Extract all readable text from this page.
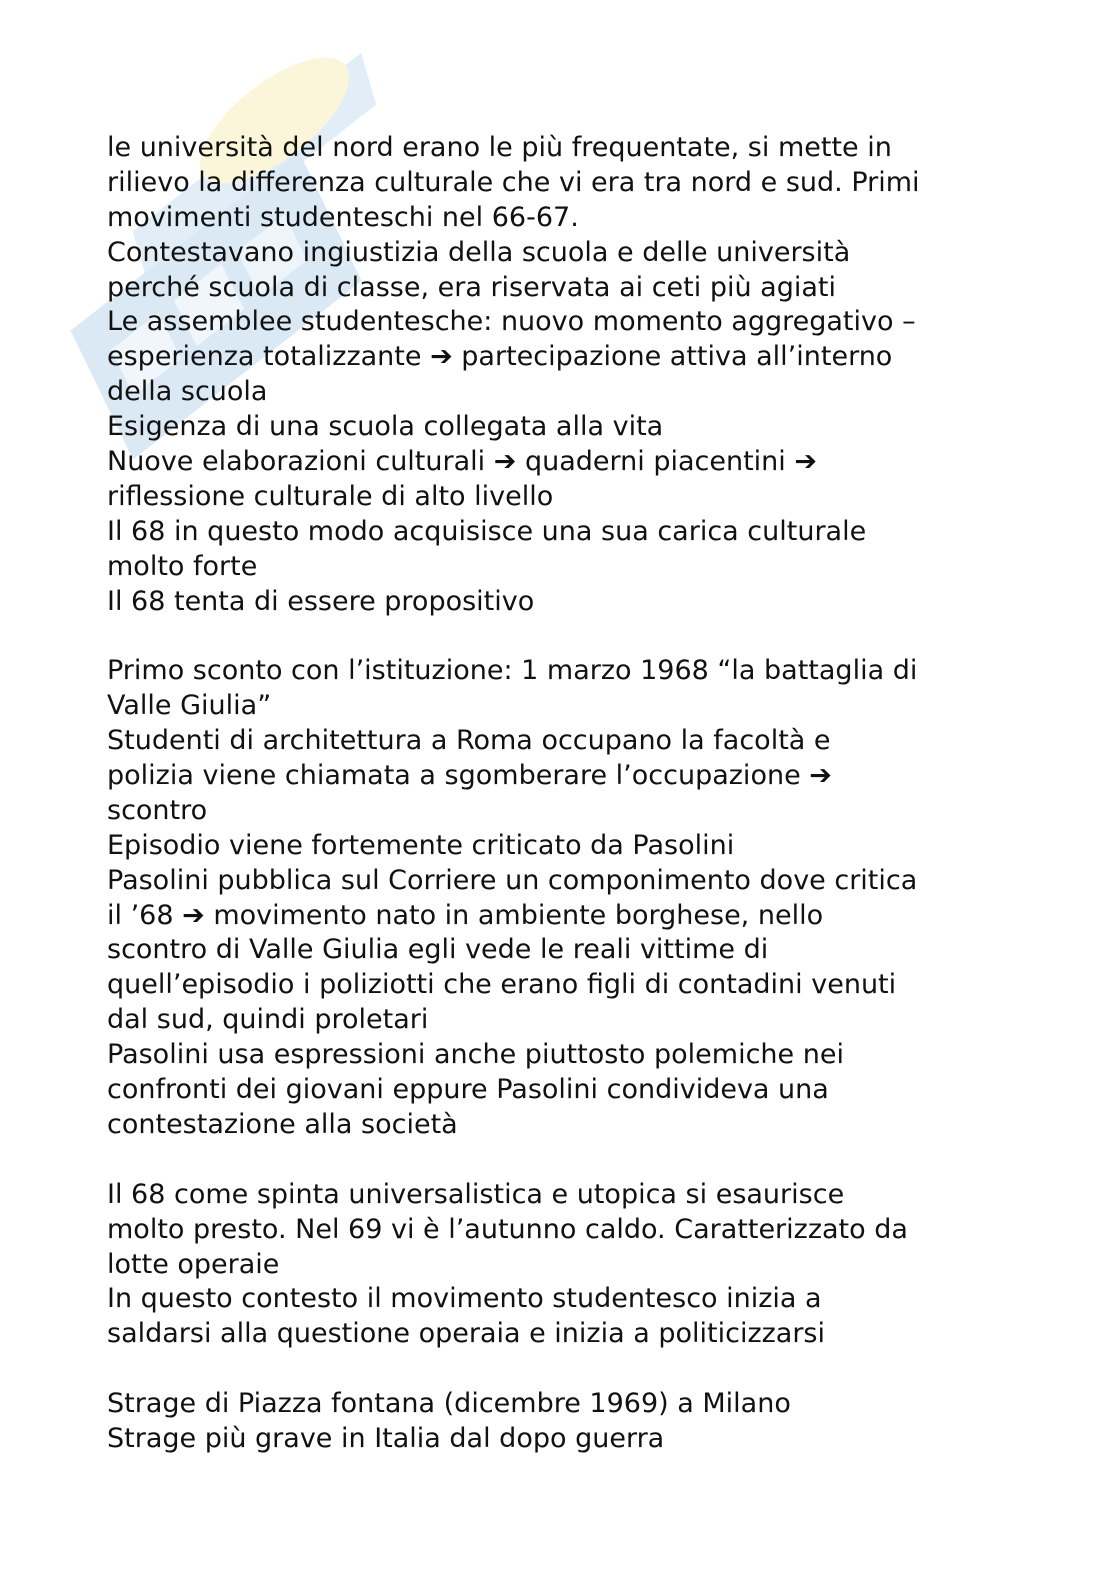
le università del nord erano le più frequentate, si mette in
rilievo la differenza culturale che vi era tra nord e sud. Primi
movimenti studenteschi nel 66-67.
Contestavano ingiustizia della scuola e delle università
perché scuola di classe, era riservata ai ceti più agiati
Le assemblee studentesche: nuovo momento aggregativo –
esperienza totalizzante ➔ partecipazione attiva all’interno
della scuola
Esigenza di una scuola collegata alla vita
Nuove elaborazioni culturali ➔ quaderni piacentini ➔
riflessione culturale di alto livello
Il 68 in questo modo acquisisce una sua carica culturale
molto forte
Il 68 tenta di essere propositivo
Primo sconto con l’istituzione: 1 marzo 1968 “la battaglia di
Valle Giulia”
Studenti di architettura a Roma occupano la facoltà e
polizia viene chiamata a sgomberare l’occupazione ➔
scontro
Episodio viene fortemente criticato da Pasolini
Pasolini pubblica sul Corriere un componimento dove critica
il ’68 ➔ movimento nato in ambiente borghese, nello
scontro di Valle Giulia egli vede le reali vittime di
quell’episodio i poliziotti che erano figli di contadini venuti
dal sud, quindi proletari
Pasolini usa espressioni anche piuttosto polemiche nei
confronti dei giovani eppure Pasolini condivideva una
contestazione alla società
Il 68 come spinta universalistica e utopica si esaurisce
molto presto. Nel 69 vi è l’autunno caldo. Caratterizzato da
lotte operaie
In questo contesto il movimento studentesco inizia a
saldarsi alla questione operaia e inizia a politicizzarsi
Strage di Piazza fontana (dicembre 1969) a Milano
Strage più grave in Italia dal dopo guerra
